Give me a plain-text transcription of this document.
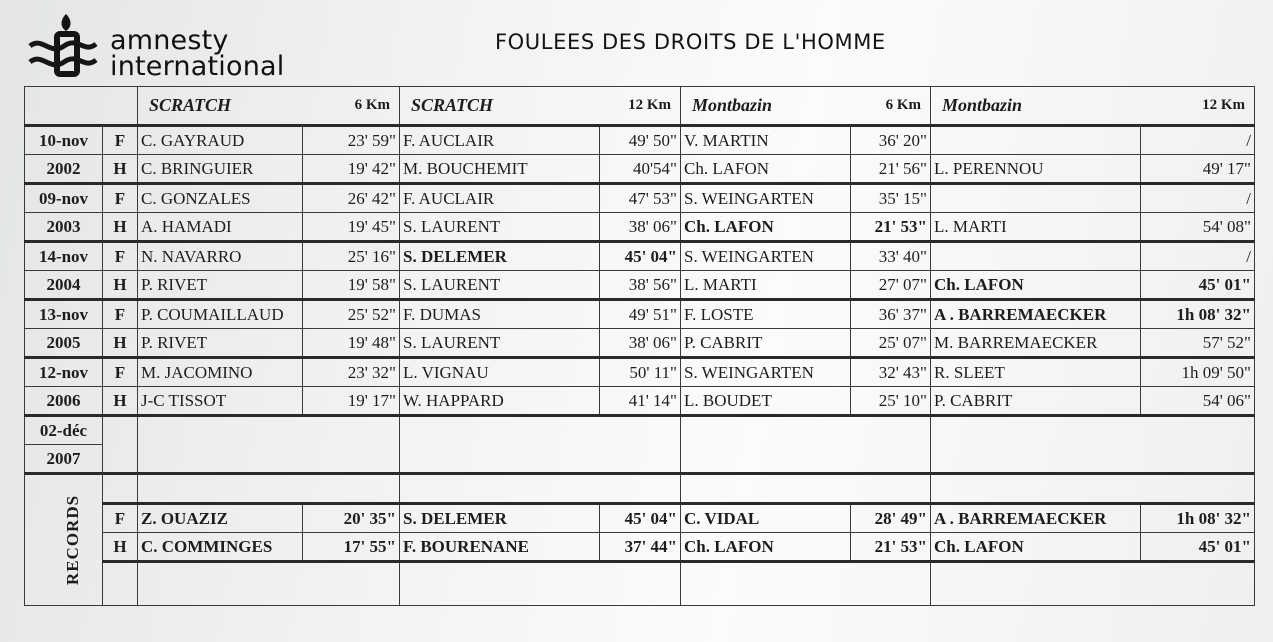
amnesty
international
FOULEES DES DROITS DE L'HOMME

		SCRATCH 6 Km		SCRATCH 12 Km		Montbazin 6 Km		Montbazin 12 Km	

10-nov	F	C. GAYRAUD	23' 59"	F. AUCLAIR	49' 50"	V. MARTIN	36' 20"		/
2002	H	C. BRINGUIER	19' 42"	M. BOUCHEMIT	40'54"	Ch. LAFON	21' 56"	L. PERENNOU	49' 17"
09-nov	F	C. GONZALES	26' 42"	F. AUCLAIR	47' 53"	S. WEINGARTEN	35' 15"		/
2003	H	A. HAMADI	19' 45"	S. LAURENT	38' 06"	Ch. LAFON	21' 53"	L. MARTI	54' 08"
14-nov	F	N. NAVARRO	25' 16"	S. DELEMER	45' 04"	S. WEINGARTEN	33' 40"		/
2004	H	P. RIVET	19' 58"	S. LAURENT	38' 56"	L. MARTI	27' 07"	Ch. LAFON	45' 01"
13-nov	F	P. COUMAILLAUD	25' 52"	F. DUMAS	49' 51"	F. LOSTE	36' 37"	A . BARREMAECKER	1h 08' 32"
2005	H	P. RIVET	19' 48"	S. LAURENT	38' 06"	P. CABRIT	25' 07"	M. BARREMAECKER	57' 52"
12-nov	F	M. JACOMINO	23' 32"	L. VIGNAU	50' 11"	S. WEINGARTEN	32' 43"	R. SLEET	1h 09' 50"
2006	H	J-C TISSOT	19' 17"	W. HAPPARD	41' 14"	L. BOUDET	25' 10"	P. CABRIT	54' 06"
02-déc									
2007									
RECORDS									

	F	Z. OUAZIZ	20' 35"	S. DELEMER	45' 04"	C. VIDAL	28' 49"	A . BARREMAECKER	1h 08' 32"
	H	C. COMMINGES	17' 55"	F. BOURENANE	37' 44"	Ch. LAFON	21' 53"	Ch. LAFON	45' 01"
